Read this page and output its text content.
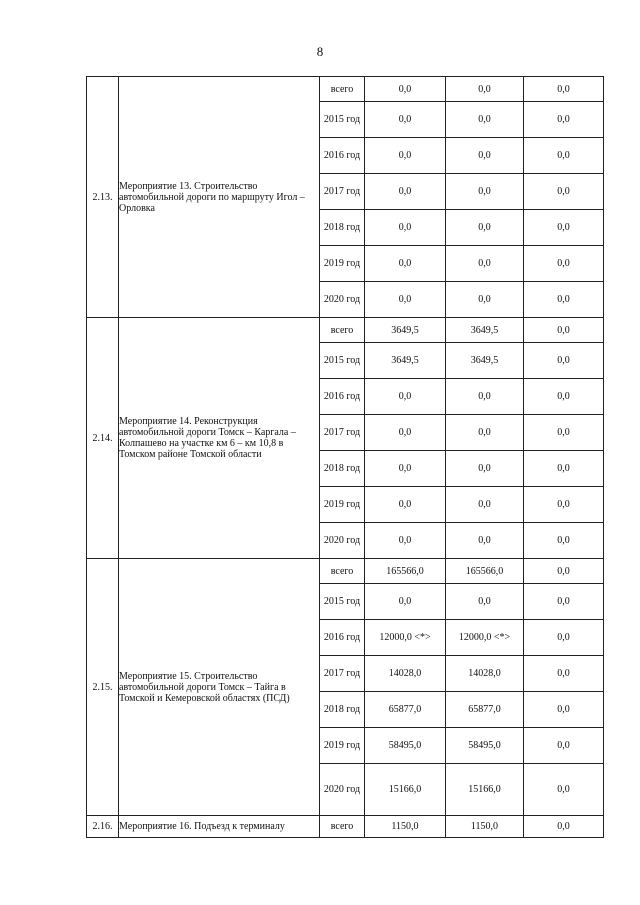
8
2.13.	Мероприятие 13. Строительство автомобильной дороги по маршруту Игол – Орловка	всего	0,0	0,0	0,0
		2015 год	0,0	0,0	0,0
		2016 год	0,0	0,0	0,0
		2017 год	0,0	0,0	0,0
		2018 год	0,0	0,0	0,0
		2019 год	0,0	0,0	0,0
		2020 год	0,0	0,0	0,0
2.14.	Мероприятие 14. Реконструкция автомобильной дороги Томск – Каргала – Колпашево на участке км 6 – км 10,8 в Томском районе Томской области	всего	3649,5	3649,5	0,0
		2015 год	3649,5	3649,5	0,0
		2016 год	0,0	0,0	0,0
		2017 год	0,0	0,0	0,0
		2018 год	0,0	0,0	0,0
		2019 год	0,0	0,0	0,0
		2020 год	0,0	0,0	0,0
2.15.	Мероприятие 15. Строительство автомобильной дороги Томск – Тайга в Томской и Кемеровской областях (ПСД)	всего	165566,0	165566,0	0,0
		2015 год	0,0	0,0	0,0
		2016 год	12000,0 <*>	12000,0 <*>	0,0
		2017 год	14028,0	14028,0	0,0
		2018 год	65877,0	65877,0	0,0
		2019 год	58495,0	58495,0	0,0
		2020 год	15166,0	15166,0	0,0
2.16.	Мероприятие 16. Подъезд к терминалу	всего	1150,0	1150,0	0,0
